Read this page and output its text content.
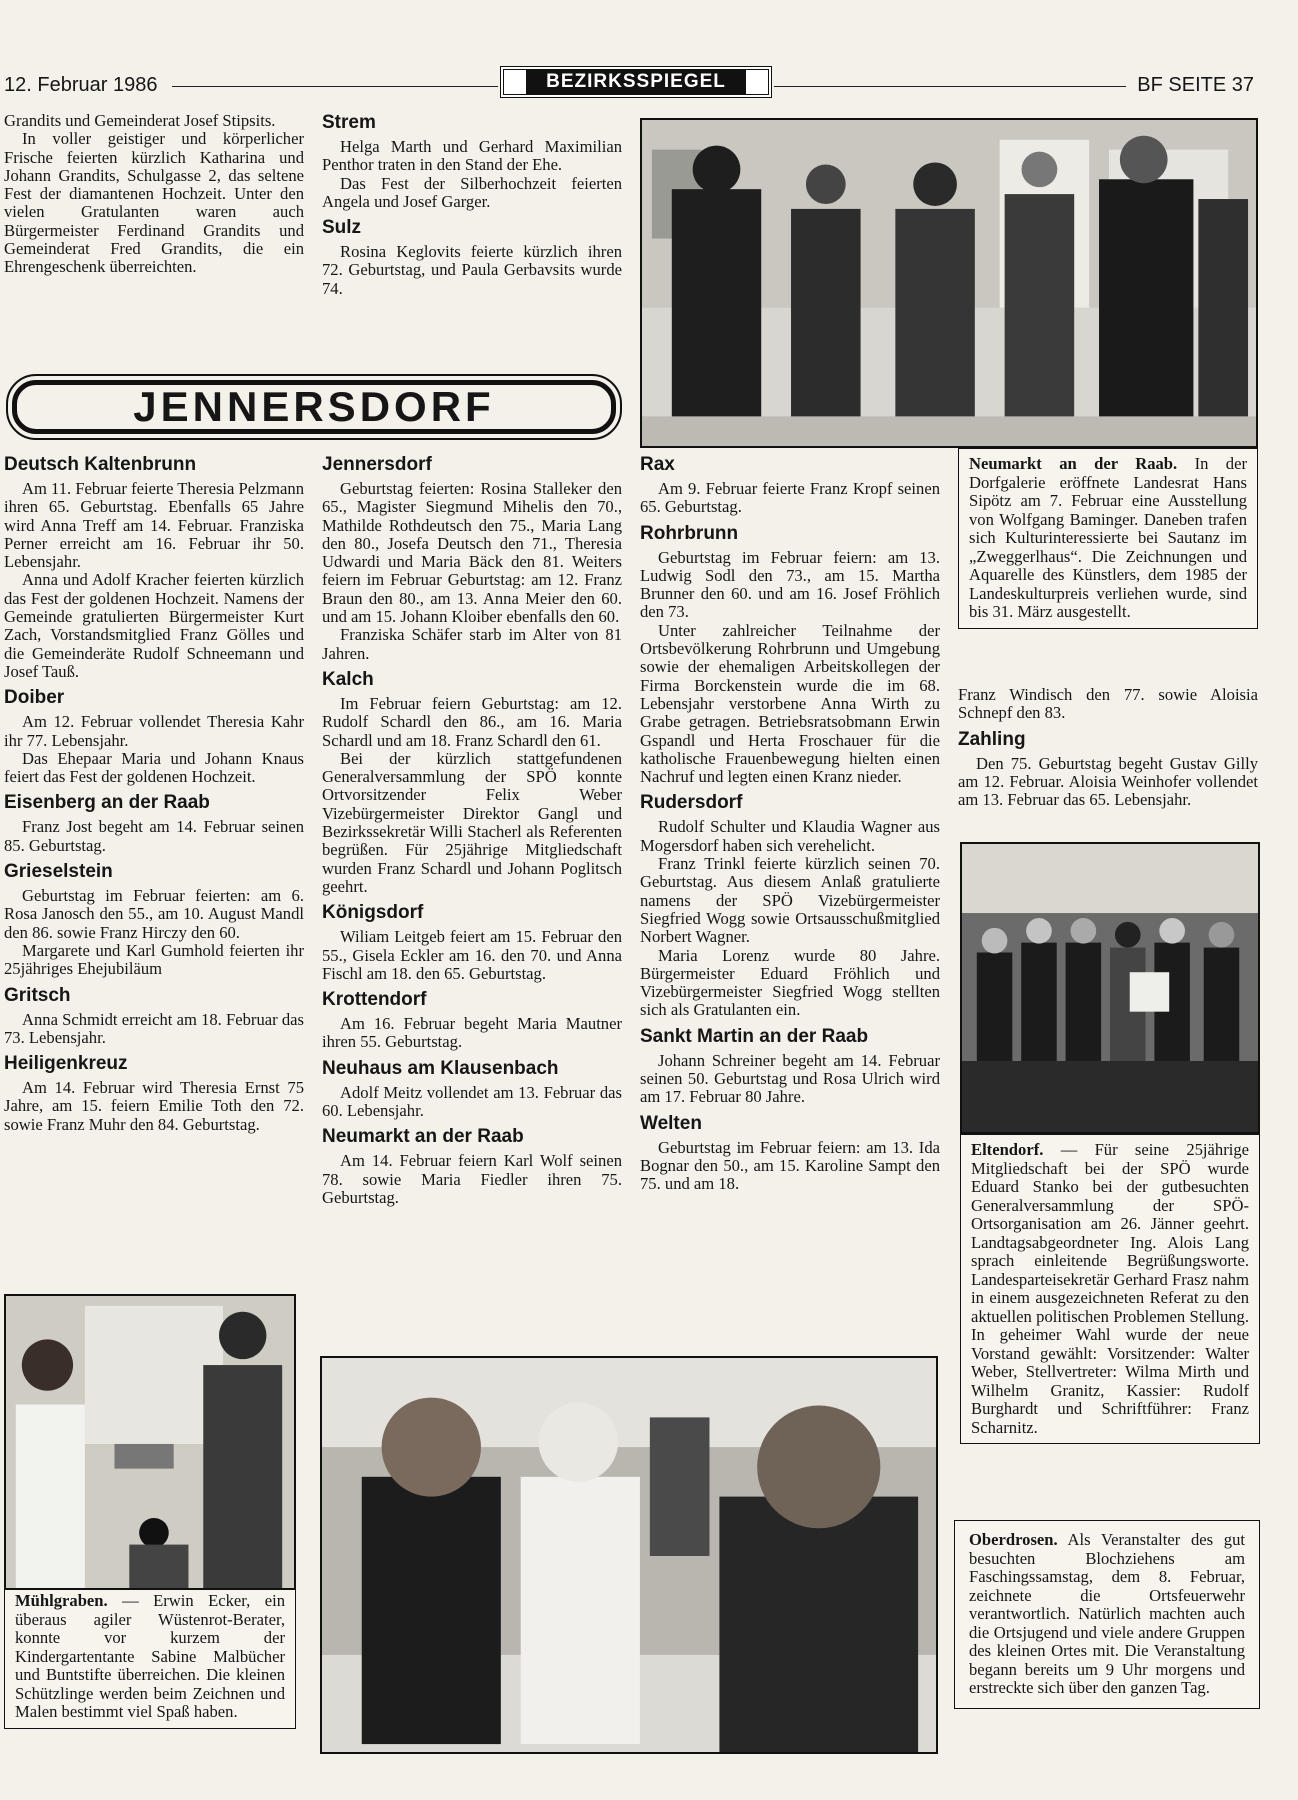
12. Februar 1986	BEZIRKSSPIEGEL	BF SEITE 37

Grandits und Gemeinderat Josef Stipsits.

In voller geistiger und körperlicher Frische feierten kürzlich Katharina und Johann Grandits, Schulgasse 2, das seltene Fest der diamantenen Hochzeit. Unter den vielen Gratulanten waren auch Bürgermeister Ferdinand Grandits und Gemeinderat Fred Grandits, die ein Ehrengeschenk überreichten.

Strem

Helga Marth und Gerhard Maximilian Penthor traten in den Stand der Ehe.

Das Fest der Silberhochzeit feierten Angela und Josef Garger.

Sulz

Rosina Keglovits feierte kürzlich ihren 72. Geburtstag, und Paula Gerbavsits wurde 74.

JENNERSDORF
Deutsch Kaltenbrunn

Am 11. Februar feierte Theresia Pelzmann ihren 65. Geburtstag. Ebenfalls 65 Jahre wird Anna Treff am 14. Februar. Franziska Perner erreicht am 16. Februar ihr 50. Lebensjahr.

Anna und Adolf Kracher feierten kürzlich das Fest der goldenen Hochzeit. Namens der Gemeinde gratulierten Bürgermeister Kurt Zach, Vorstandsmitglied Franz Göllеs und die Gemeinderäte Rudolf Schneemann und Josef Tauß.

Doiber

Am 12. Februar vollendet Theresia Kahr ihr 77. Lebensjahr.

Das Ehepaar Maria und Johann Knaus feiert das Fest der goldenen Hochzeit.

Eisenberg an der Raab

Franz Jost begeht am 14. Februar seinen 85. Geburtstag.

Grieselstein

Geburtstag im Februar feierten: am 6. Rosa Janosch den 55., am 10. August Mandl den 86. sowie Franz Hirczy den 60.

Margarete und Karl Gumhold feierten ihr 25jähriges Ehejubiläum

Gritsch

Anna Schmidt erreicht am 18. Februar das 73. Lebensjahr.

Heiligenkreuz

Am 14. Februar wird Theresia Ernst 75 Jahre, am 15. feiern Emilie Toth den 72. sowie Franz Muhr den 84. Geburtstag.

Jennersdorf

Geburtstag feierten: Rosina Stalleker den 65., Magister Siegmund Mihelis den 70., Mathilde Rothdeutsch den 75., Maria Lang den 80., Josefa Deutsch den 71., Theresia Udwardi und Maria Bäck den 81. Weiters feiern im Februar Geburtstag: am 12. Franz Braun den 80., am 13. Anna Meier den 60. und am 15. Johann Kloiber ebenfalls den 60.

Franziska Schäfer starb im Alter von 81 Jahren.

Kalch

Im Februar feiern Geburtstag: am 12. Rudolf Schardl den 86., am 16. Maria Schardl und am 18. Franz Schardl den 61.

Bei der kürzlich stattgefundenen Generalversammlung der SPÖ konnte Ortvorsitzender Felix Weber Vizebürgermeister Direktor Gangl und Bezirkssekretär Willi Stacherl als Referenten begrüßen. Für 25jährige Mitgliedschaft wurden Franz Schardl und Johann Poglitsch geehrt.

Königsdorf

Wiliam Leitgeb feiert am 15. Februar den 55., Gisela Eckler am 16. den 70. und Anna Fischl am 18. den 65. Geburtstag.

Krottendorf

Am 16. Februar begeht Maria Mautner ihren 55. Geburtstag.

Neuhaus am Klausenbach

Adolf Meitz vollendet am 13. Februar das 60. Lebensjahr.

Neumarkt an der Raab

Am 14. Februar feiern Karl Wolf seinen 78. sowie Maria Fiedler ihren 75. Geburtstag.

Rax

Am 9. Februar feierte Franz Kropf seinen 65. Geburtstag.

Rohrbrunn

Geburtstag im Februar feiern: am 13. Ludwig Sodl den 73., am 15. Martha Brunner den 60. und am 16. Josef Fröhlich den 73.

Unter zahlreicher Teilnahme der Ortsbevölkerung Rohrbrunn und Umgebung sowie der ehemaligen Arbeitskollegen der Firma Borckenstein wurde die im 68. Lebensjahr verstorbene Anna Wirth zu Grabe getragen. Betriebsratsobmann Erwin Gspandl und Herta Froschauer für die katholische Frauenbewegung hielten einen Nachruf und legten einen Kranz nieder.

Rudersdorf

Rudolf Schulter und Klaudia Wagner aus Mogersdorf haben sich verehelicht.

Franz Trinkl feierte kürzlich seinen 70. Geburtstag. Aus diesem Anlaß gratulierte namens der SPÖ Vizebürgermeister Siegfried Wogg sowie Ortsausschußmitglied Norbert Wagner.

Maria Lorenz wurde 80 Jahre. Bürgermeister Eduard Fröhlich und Vizebürgermeister Siegfried Wogg stellten sich als Gratulanten ein.

Sankt Martin an der Raab

Johann Schreiner begeht am 14. Februar seinen 50. Geburtstag und Rosa Ulrich wird am 17. Februar 80 Jahre.

Welten

Geburtstag im Februar feiern: am 13. Ida Bognar den 50., am 15. Karoline Sampt den 75. und am 18.

Neumarkt an der Raab. In der Dorfgalerie eröffnete Landesrat Hans Sipötz am 7. Februar eine Ausstellung von Wolfgang Baminger. Daneben trafen sich Kulturinteressierte bei Sautanz im „Zweggerlhaus“. Die Zeichnungen und Aquarelle des Künstlers, dem 1985 der Landeskulturpreis verliehen wurde, sind bis 31. März ausgestellt.

Franz Windisch den 77. sowie Aloisia Schnepf den 83.

Zahling

Den 75. Geburtstag begeht Gustav Gilly am 12. Februar. Aloisia Weinhofer vollendet am 13. Februar das 65. Lebensjahr.

Eltendorf. — Für seine 25jährige Mitgliedschaft bei der SPÖ wurde Eduard Stanko bei der gutbesuchten Generalversammlung der SPÖ-Ortsorganisation am 26. Jänner geehrt. Landtagsabgeordneter Ing. Alois Lang sprach einleitende Begrüßungsworte. Landesparteisekretär Gerhard Frasz nahm in einem ausgezeichneten Referat zu den aktuellen politischen Problemen Stellung. In geheimer Wahl wurde der neue Vorstand gewählt: Vorsitzender: Walter Weber, Stellvertreter: Wilma Mirth und Wilhelm Granitz, Kassier: Rudolf Burghardt und Schriftführer: Franz Scharnitz.

Mühlgraben. — Erwin Ecker, ein überaus agiler Wüstenrot-Berater, konnte vor kurzem der Kindergartentante Sabine Malbücher und Buntstifte überreichen. Die kleinen Schützlinge werden beim Zeichnen und Malen bestimmt viel Spaß haben.

Oberdrosen. Als Veranstalter des gut besuchten Blochziehens am Faschingssamstag, dem 8. Februar, zeichnete die Ortsfeuerwehr verantwortlich. Natürlich machten auch die Ortsjugend und viele andere Gruppen des kleinen Ortes mit. Die Veranstaltung begann bereits um 9 Uhr morgens und erstreckte sich über den ganzen Tag.
